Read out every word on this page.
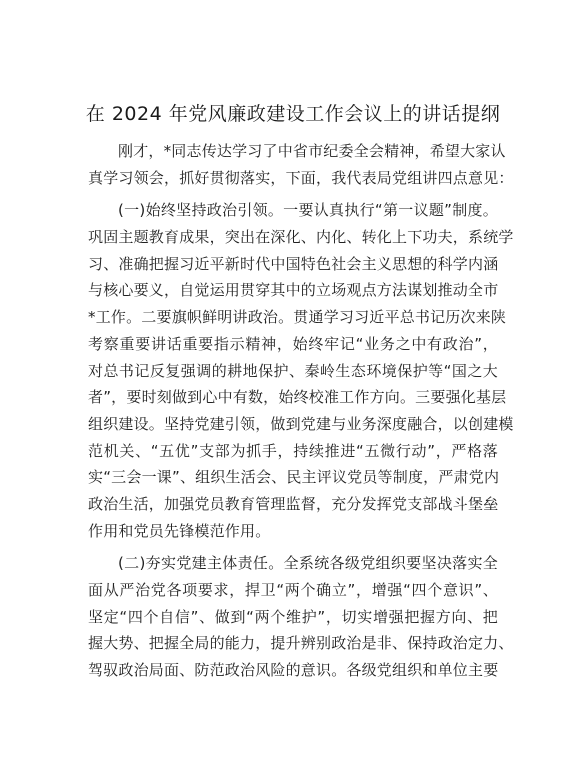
在 2024 年党风廉政建设工作会议上的讲话提纲
刚才，*同志传达学习了中省市纪委全会精神，希望大家认
真学习领会，抓好贯彻落实，下面，我代表局党组讲四点意见：
(一)始终坚持政治引领。一要认真执行“第一议题”制度。
巩固主题教育成果，突出在深化、内化、转化上下功夫，系统学
习、准确把握习近平新时代中国特色社会主义思想的科学内涵
与核心要义，自觉运用贯穿其中的立场观点方法谋划推动全市
*工作。二要旗帜鲜明讲政治。贯通学习习近平总书记历次来陕
考察重要讲话重要指示精神，始终牢记“业务之中有政治”，
对总书记反复强调的耕地保护、秦岭生态环境保护等“国之大
者”，要时刻做到心中有数，始终校准工作方向。三要强化基层
组织建设。坚持党建引领，做到党建与业务深度融合，以创建模
范机关、“五优”支部为抓手，持续推进“五微行动”，严格落
实“三会一课”、组织生活会、民主评议党员等制度，严肃党内
政治生活，加强党员教育管理监督，充分发挥党支部战斗堡垒
作用和党员先锋模范作用。
(二)夯实党建主体责任。全系统各级党组织要坚决落实全
面从严治党各项要求，捍卫“两个确立”，增强“四个意识”、
坚定“四个自信”、做到“两个维护”，切实增强把握方向、把
握大势、把握全局的能力，提升辨别政治是非、保持政治定力、
驾驭政治局面、防范政治风险的意识。各级党组织和单位主要
